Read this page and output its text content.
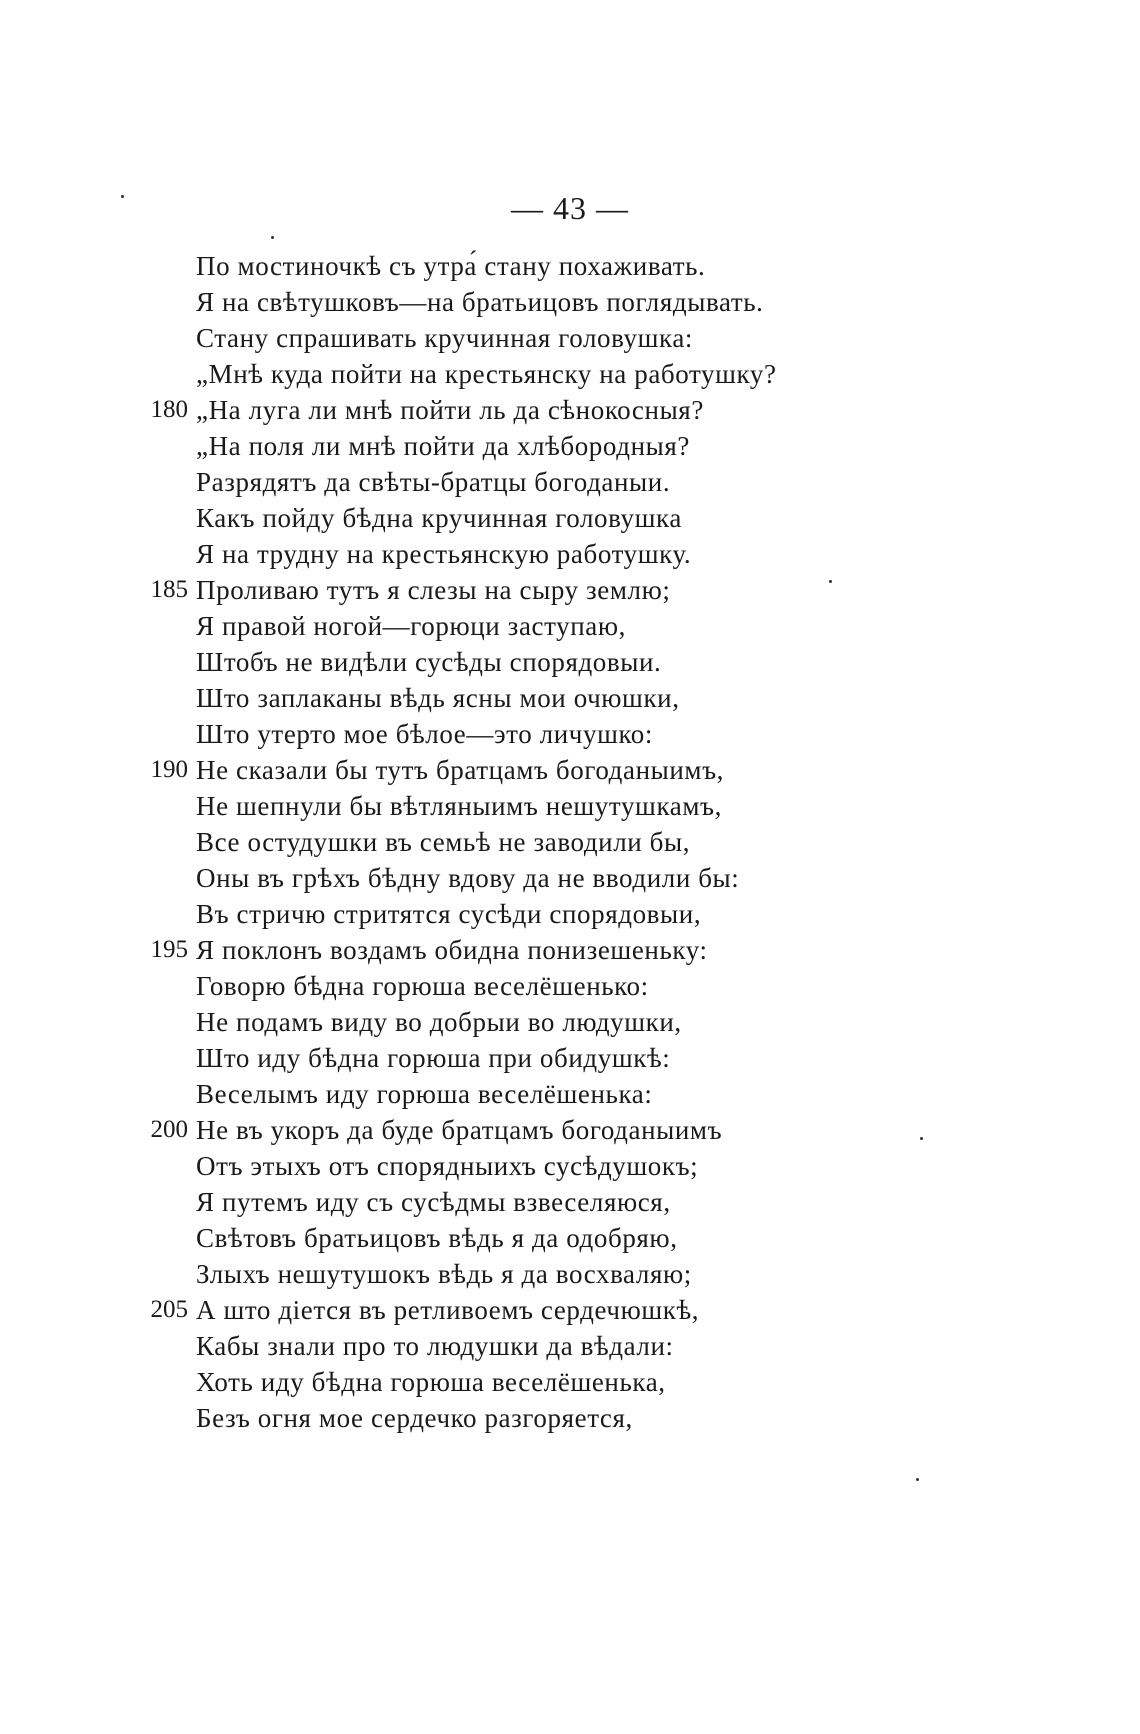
— 43 —
По мостиночкѣ съ утра́ стану похаживать.
Я на свѣтушковъ—на братьицовъ поглядывать.
Стану спрашивать кручинная головушка:
„Мнѣ куда пойти на крестьянску на работушку?
180 „На луга ли мнѣ пойти ль да сѣнокосныя?
„На поля ли мнѣ пойти да хлѣбородныя?
Разрядятъ да свѣты-братцы богоданыи.
Какъ пойду бѣдна кручинная головушка
Я на трудну на крестьянскую работушку.
185 Проливаю тутъ я слезы на сыру землю;
Я правой ногой—горюци заступаю,
Штобъ не видѣли сусѣды спорядовыи.
Што заплаканы вѣдь ясны мои очюшки,
Што утерто мое бѣлое—это личушко:
190 Не сказали бы тутъ братцамъ богоданыимъ,
Не шепнули бы вѣтляныимъ нешутушкамъ,
Все остудушки въ семьѣ не заводили бы,
Оны въ грѣхъ бѣдну вдову да не вводили бы:
Въ стричю стритятся сусѣди спорядовыи,
195 Я поклонъ воздамъ обидна понизешеньку:
Говорю бѣдна горюша веселёшенько:
Не подамъ виду во добрыи во людушки,
Што иду бѣдна горюша при обидушкѣ:
Веселымъ иду горюша веселёшенька:
200 Не въ укоръ да буде братцамъ богоданыимъ
Отъ этыхъ отъ спорядныихъ сусѣдушокъ;
Я путемъ иду съ сусѣдмы взвеселяюся,
Свѣтовъ братьицовъ вѣдь я да одобряю,
Злыхъ нешутушокъ вѣдь я да восхваляю;
205 А што дiется въ ретливоемъ сердечюшкѣ,
Кабы знали про то людушки да вѣдали:
Хоть иду бѣдна горюша веселёшенька,
Безъ огня мое сердечко разгоряется,
